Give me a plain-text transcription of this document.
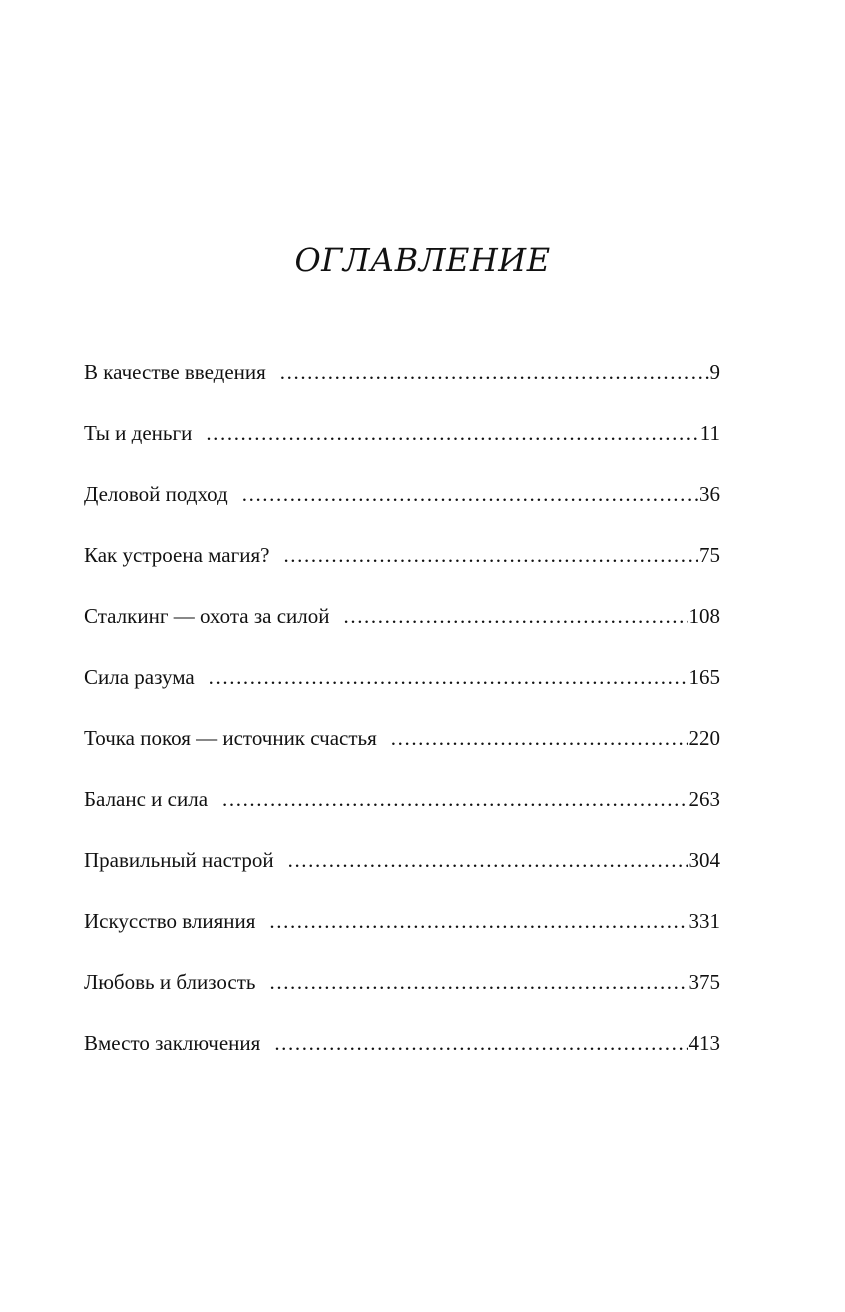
ОГЛАВЛЕНИЕ
В качестве введения .....	9
Ты и деньги .....	11
Деловой подход .....	36
Как устроена магия? .....	75
Сталкинг — охота за силой .....	108
Сила разума .....	165
Точка покоя — источник счастья .....	220
Баланс и сила .....	263
Правильный настрой .....	304
Искусство влияния .....	331
Любовь и близость .....	375
Вместо заключения .....	413
